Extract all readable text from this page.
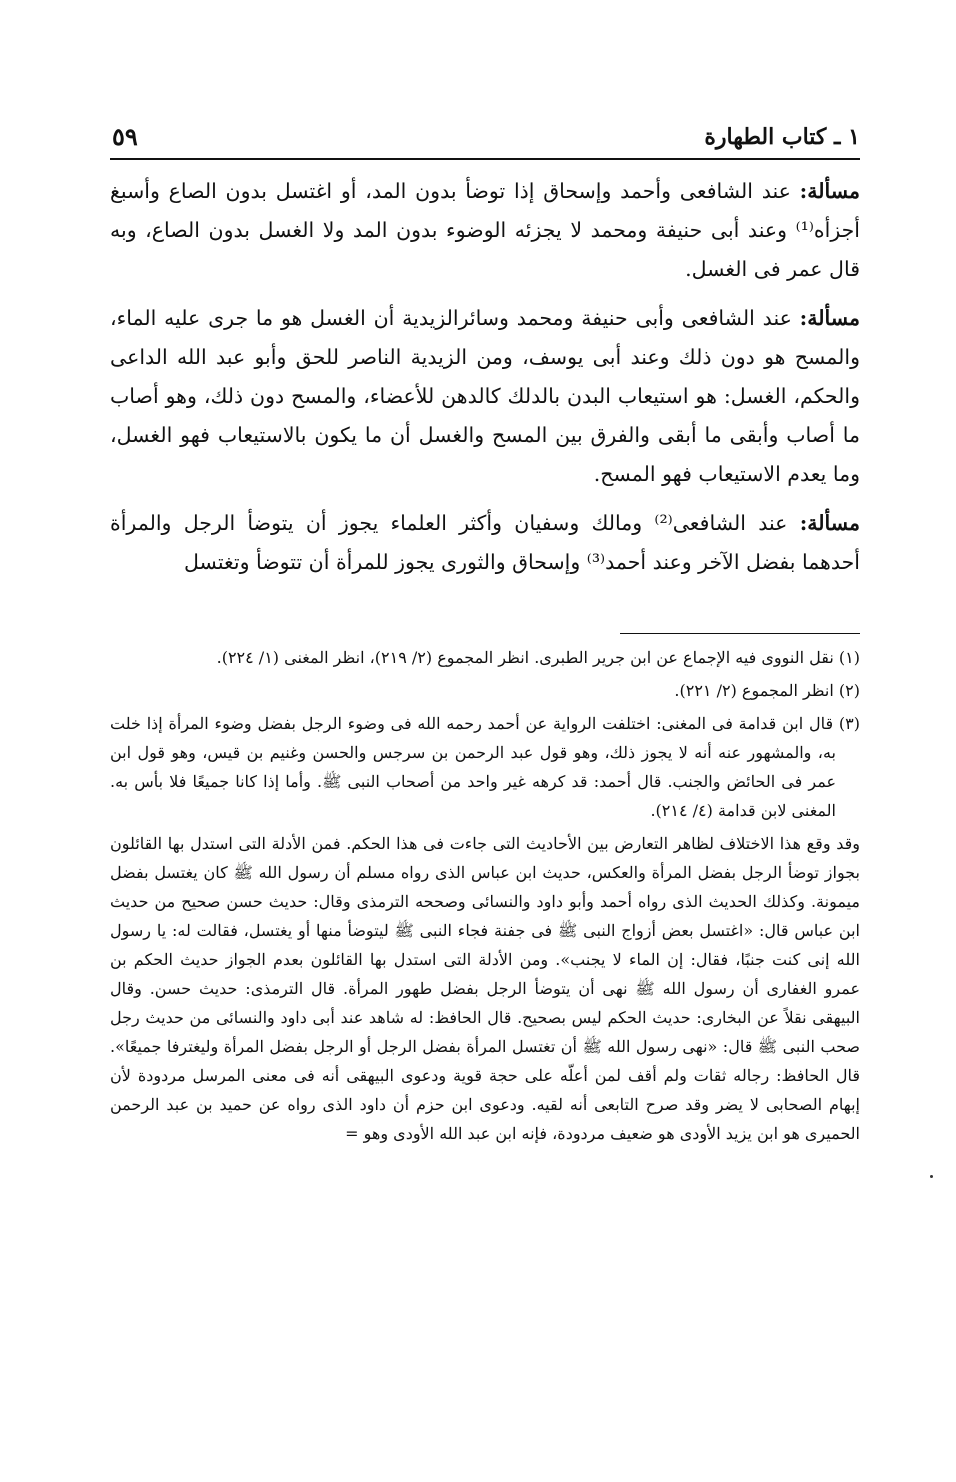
١ ـ كتاب الطهارة
٥٩

مسألة: عند الشافعى وأحمد وإسحاق إذا توضأ بدون المد، أو اغتسل بدون الصاع وأسبغ أجزأه⁽¹⁾ وعند أبى حنيفة ومحمد لا يجزئه الوضوء بدون المد ولا الغسل بدون الصاع، وبه قال عمر فى الغسل.

مسألة: عند الشافعى وأبى حنيفة ومحمد وسائرالزيدية أن الغسل هو ما جرى عليه الماء، والمسح هو دون ذلك وعند أبى يوسف، ومن الزيدية الناصر للحق وأبو عبد الله الداعى والحكم، الغسل: هو استيعاب البدن بالدلك كالدهن للأعضاء، والمسح دون ذلك، وهو أصاب ما أصاب وأبقى ما أبقى والفرق بين المسح والغسل أن ما يكون بالاستيعاب فهو الغسل، وما يعدم الاستيعاب فهو المسح.

مسألة: عند الشافعى⁽²⁾ ومالك وسفيان وأكثر العلماء يجوز أن يتوضأ الرجل والمرأة أحدهما بفضل الآخر وعند أحمد⁽³⁾ وإسحاق والثورى يجوز للمرأة أن تتوضأ وتغتسل

(١) نقل النووى فيه الإجماع عن ابن جرير الطبرى. انظر المجموع (٢/ ٢١٩)، انظر المغنى (١/ ٢٢٤).

(٢) انظر المجموع (٢/ ٢٢١).

(٣) قال ابن قدامة فى المغنى: اختلفت الرواية عن أحمد رحمه الله فى وضوء الرجل بفضل وضوء المرأة إذا خلت به، والمشهور عنه أنه لا يجوز ذلك، وهو قول عبد الرحمن بن سرجس والحسن وغنيم بن قيس، وهو قول ابن عمر فى الحائض والجنب. قال أحمد: قد كرهه غير واحد من أصحاب النبى ﷺ. وأما إذا كانا جميعًا فلا بأس به. المغنى لابن قدامة (٤/ ٢١٤).

وقد وقع هذا الاختلاف لظاهر التعارض بين الأحاديث التى جاءت فى هذا الحكم. فمن الأدلة التى استدل بها القائلون بجواز توضأ الرجل بفضل المرأة والعكس، حديث ابن عباس الذى رواه مسلم أن رسول الله ﷺ كان يغتسل بفضل ميمونة. وكذلك الحديث الذى رواه أحمد وأبو داود والنسائى وصححه الترمذى وقال: حديث حسن صحيح من حديث ابن عباس قال: «اغتسل بعض أزواج النبى ﷺ فى جفنة فجاء النبى ﷺ ليتوضأ منها أو يغتسل، فقالت له: يا رسول الله إنى كنت جنبًا، فقال: إن الماء لا يجنب». ومن الأدلة التى استدل بها القائلون بعدم الجواز حديث الحكم بن عمرو الغفارى أن رسول الله ﷺ نهى أن يتوضأ الرجل بفضل طهور المرأة. قال الترمذى: حديث حسن. وقال البيهقى نقلاً عن البخارى: حديث الحكم ليس بصحيح. قال الحافظ: له شاهد عند أبى داود والنسائى من حديث رجل صحب النبى ﷺ قال: «نهى رسول الله ﷺ أن تغتسل المرأة بفضل الرجل أو الرجل بفضل المرأة وليغترفا جميعًا». قال الحافظ: رجاله ثقات ولم أقف لمن أعلّه على حجة قوية ودعوى البيهقى أنه فى معنى المرسل مردودة لأن إبهام الصحابى لا يضر وقد صرح التابعى أنه لقيه. ودعوى ابن حزم أن داود الذى رواه عن حميد بن عبد الرحمن الحميرى هو ابن يزيد الأودى هو ضعيف مردودة، فإنه ابن عبد الله الأودى وهو =
